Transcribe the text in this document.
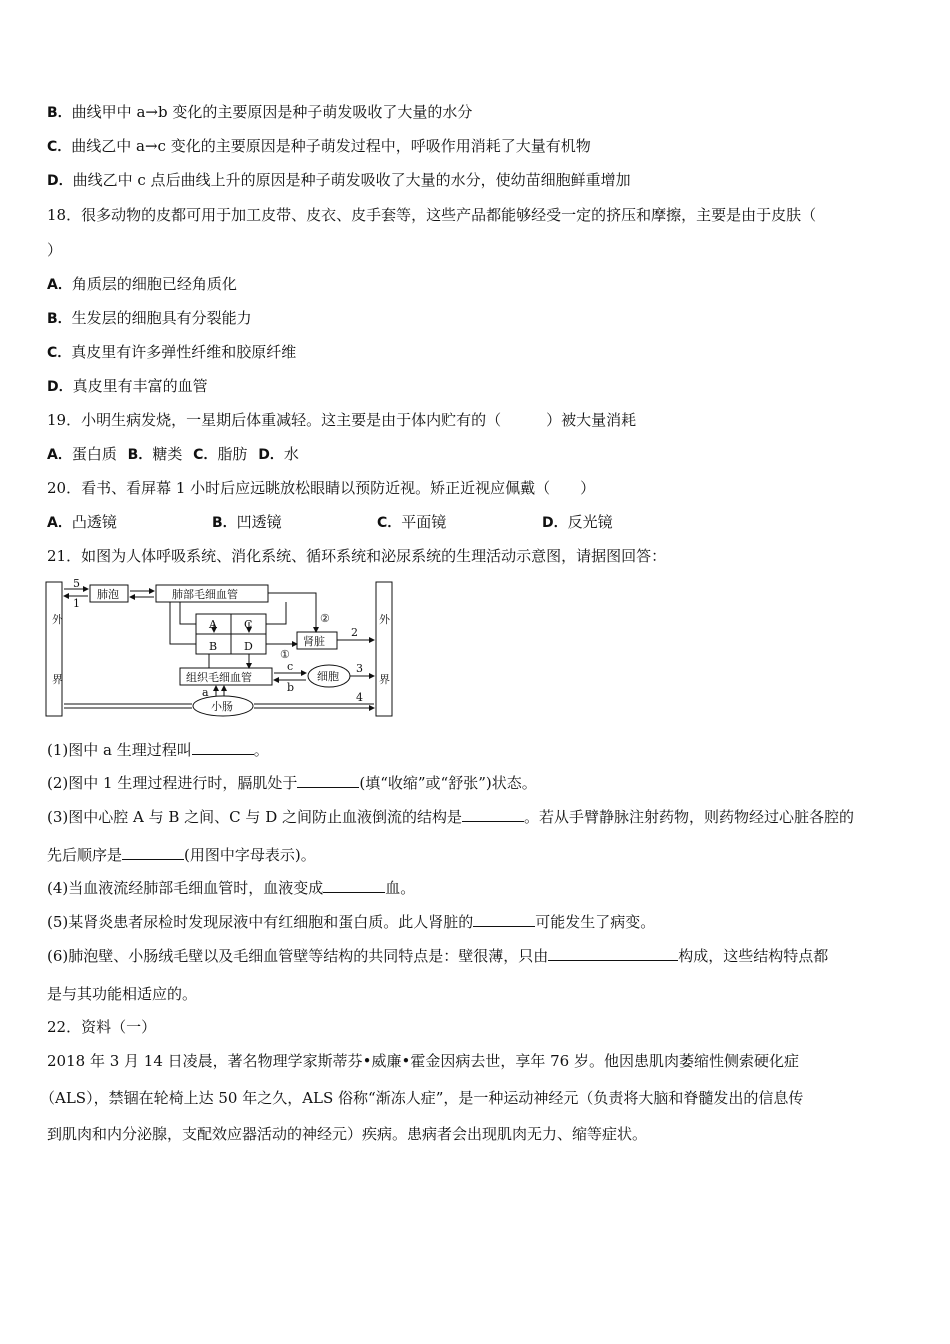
B．曲线甲中 a→b 变化的主要原因是种子萌发吸收了大量的水分
C．曲线乙中 a→c 变化的主要原因是种子萌发过程中，呼吸作用消耗了大量有机物
D．曲线乙中 c 点后曲线上升的原因是种子萌发吸收了大量的水分，使幼苗细胞鲜重增加
18．很多动物的皮都可用于加工皮带、皮衣、皮手套等，这些产品都能够经受一定的挤压和摩擦，主要是由于皮肤（
）
A．角质层的细胞已经角质化
B．生发层的细胞具有分裂能力
C．真皮里有许多弹性纤维和胶原纤维
D．真皮里有丰富的血管
19．小明生病发烧，一星期后体重减轻。这主要是由于体内贮有的（　　　）被大量消耗
A．蛋白质 B．糖类 C．脂肪 D．水
20．看书、看屏幕 1 小时后应远眺放松眼睛以预防近视。矫正近视应佩戴（　　）
A．凸透镜	B．凹透镜	C．平面镜	D．反光镜
21．如图为人体呼吸系统、消化系统、循环系统和泌尿系统的生理活动示意图，请据图回答：
外
界
外
界
肺泡	肺部毛细血管
A
B
C
D	肾脏
组织毛细血管	细胞
小肠
5
1
2
3
4
①
②
a	b
c
(1)图中 a 生理过程叫	。
(2)图中 1 生理过程进行时，膈肌处于	(填“收缩”或“舒张”)状态。
(3)图中心腔 A 与 B 之间、C 与 D 之间防止血液倒流的结构是	。若从手臂静脉注射药物，则药物经过心脏各腔的
先后顺序是	(用图中字母表示)。
(4)当血液流经肺部毛细血管时，血液变成	血。
(5)某肾炎患者尿检时发现尿液中有红细胞和蛋白质。此人肾脏的	可能发生了病变。
(6)肺泡壁、小肠绒毛壁以及毛细血管壁等结构的共同特点是：壁很薄，只由	构成，这些结构特点都
是与其功能相适应的。
22．资料（一）
2018 年 3 月 14 日凌晨，著名物理学家斯蒂芬•威廉•霍金因病去世，享年 76 岁。他因患肌肉萎缩性侧索硬化症
（ALS），禁锢在轮椅上达 50 年之久，ALS 俗称“渐冻人症”，是一种运动神经元（负责将大脑和脊髓发出的信息传
到肌肉和内分泌腺，支配效应器活动的神经元）疾病。患病者会出现肌肉无力、缩等症状。
